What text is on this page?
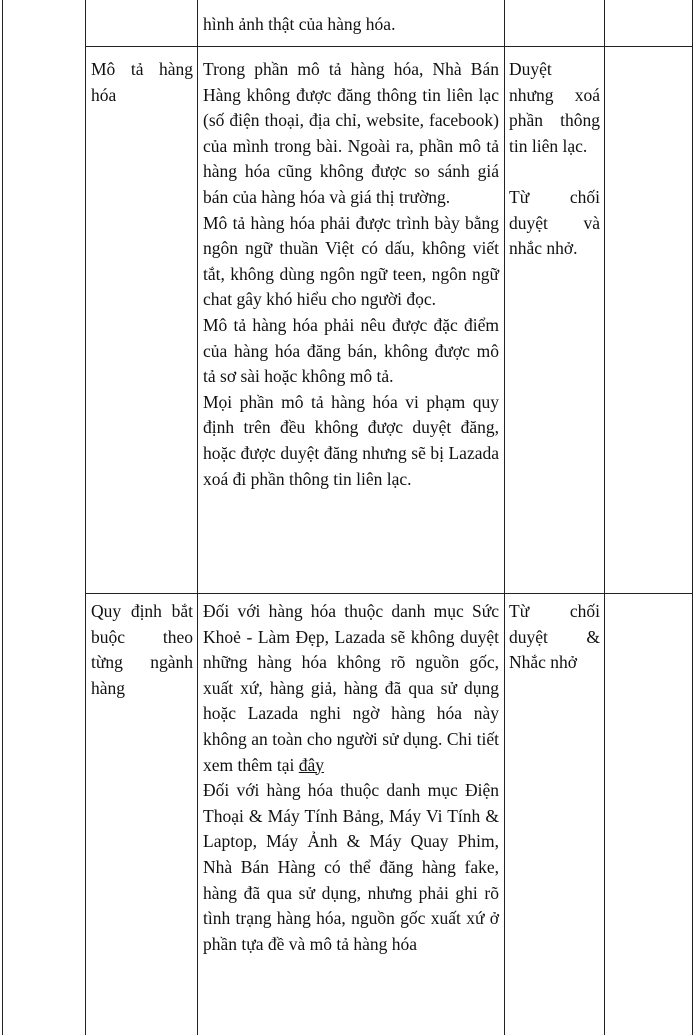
hình ảnh thật của hàng hóa.

Mô tả hàng hóa

Trong phần mô tả hàng hóa, Nhà Bán Hàng không được đăng thông tin liên lạc (số điện thoại, địa chỉ, website, facebook) của mình trong bài. Ngoài ra, phần mô tả hàng hóa cũng không được so sánh giá bán của hàng hóa và giá thị trường.

Mô tả hàng hóa phải được trình bày bằng ngôn ngữ thuần Việt có dấu, không viết tắt, không dùng ngôn ngữ teen, ngôn ngữ chat gây khó hiểu cho người đọc.

Mô tả hàng hóa phải nêu được đặc điểm của hàng hóa đăng bán, không được mô tả sơ sài hoặc không mô tả.

Mọi phần mô tả hàng hóa vi phạm quy định trên đều không được duyệt đăng, hoặc được duyệt đăng nhưng sẽ bị Lazada xoá đi phần thông tin liên lạc.

Duyệt nhưng xoá phần thông tin liên lạc.

Từ chối duyệt và nhắc nhở.

Quy định bắt buộc theo từng ngành hàng

Đối với hàng hóa thuộc danh mục Sức Khoẻ - Làm Đẹp, Lazada sẽ không duyệt những hàng hóa không rõ nguồn gốc, xuất xứ, hàng giả, hàng đã qua sử dụng hoặc Lazada nghi ngờ hàng hóa này không an toàn cho người sử dụng. Chi tiết xem thêm tại đây

Đối với hàng hóa thuộc danh mục Điện Thoại & Máy Tính Bảng, Máy Vi Tính & Laptop, Máy Ảnh & Máy Quay Phim, Nhà Bán Hàng có thể đăng hàng fake, hàng đã qua sử dụng, nhưng phải ghi rõ tình trạng hàng hóa, nguồn gốc xuất xứ ở phần tựa đề và mô tả hàng hóa

Từ chối duyệt & Nhắc nhở
